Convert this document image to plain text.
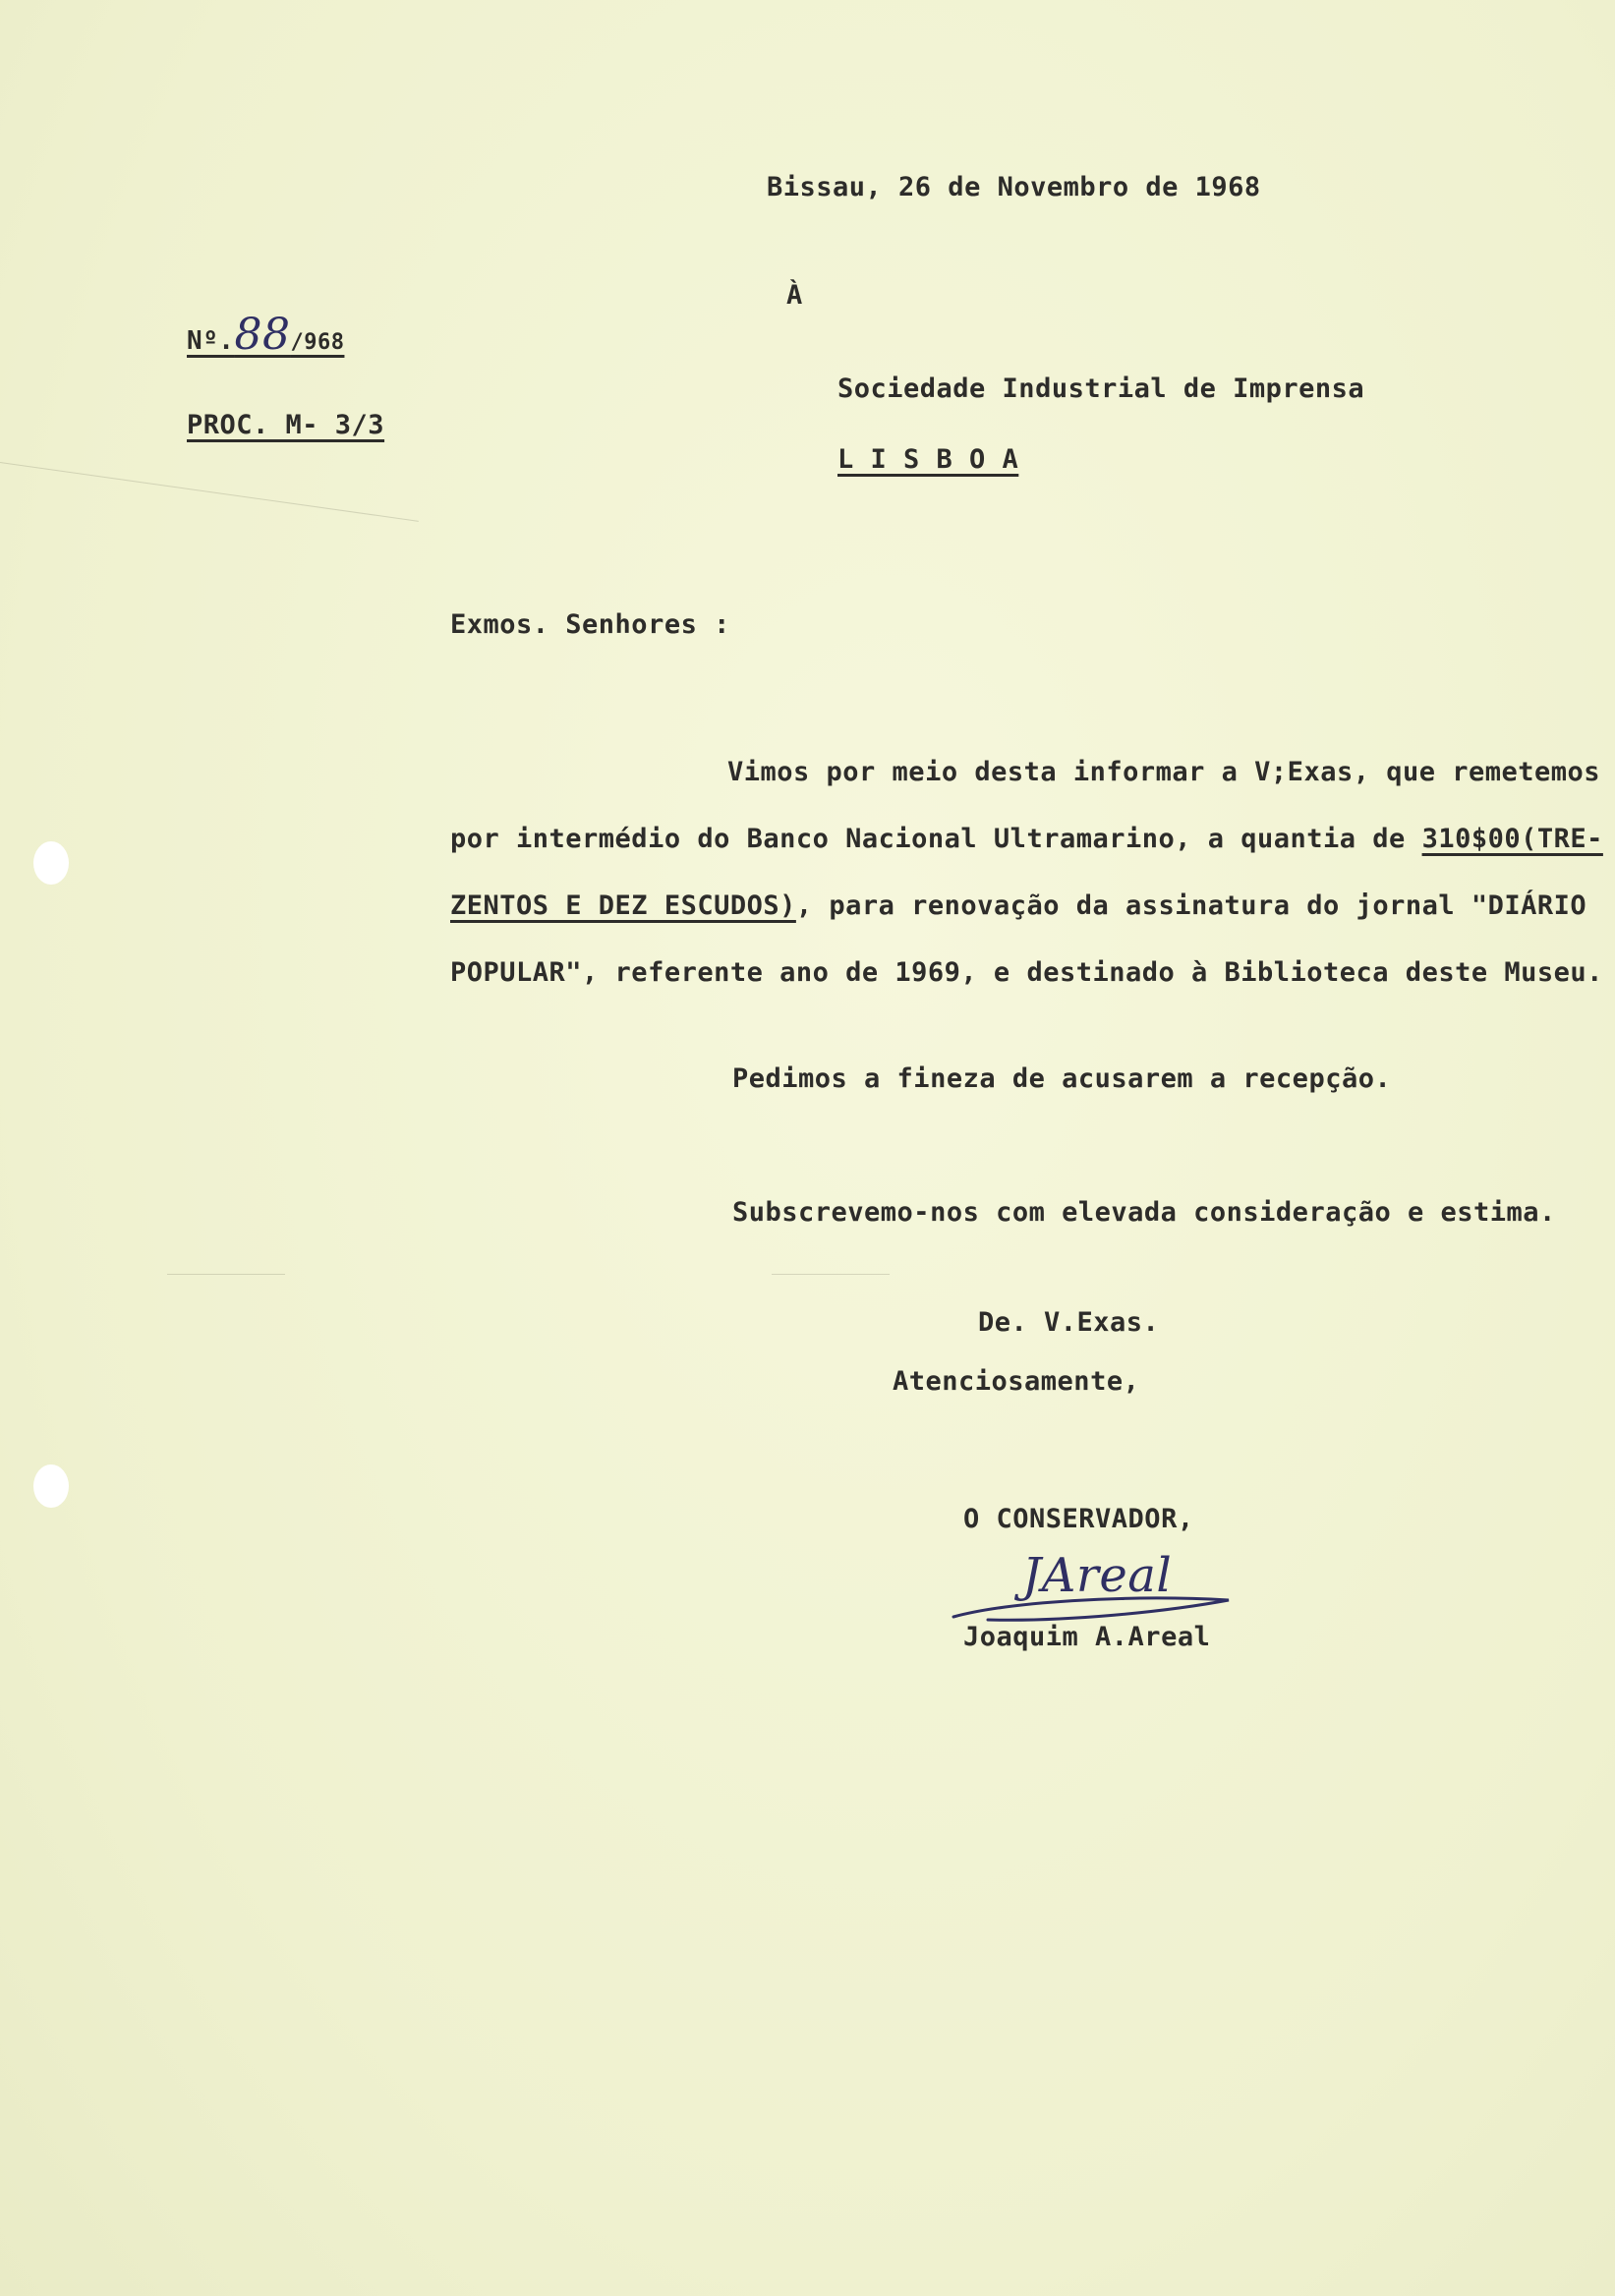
Bissau, 26 de Novembro de 1968
À
Nº.88/968
PROC. M- 3/3
Sociedade Industrial de Imprensa
L I S B O A
Exmos. Senhores :
Vimos por meio desta informar a V;Exas, que remetemos
por intermédio do Banco Nacional Ultramarino, a quantia de 310$00(TRE-
ZENTOS E DEZ ESCUDOS), para renovação da assinatura do jornal "DIÁRIO
POPULAR", referente ano de 1969, e destinado à Biblioteca deste Museu.
Pedimos a fineza de acusarem a recepção.
Subscrevemo-nos com elevada consideração e estima.
De. V.Exas.
Atenciosamente,
O CONSERVADOR,
JAreal
Joaquim A.Areal
